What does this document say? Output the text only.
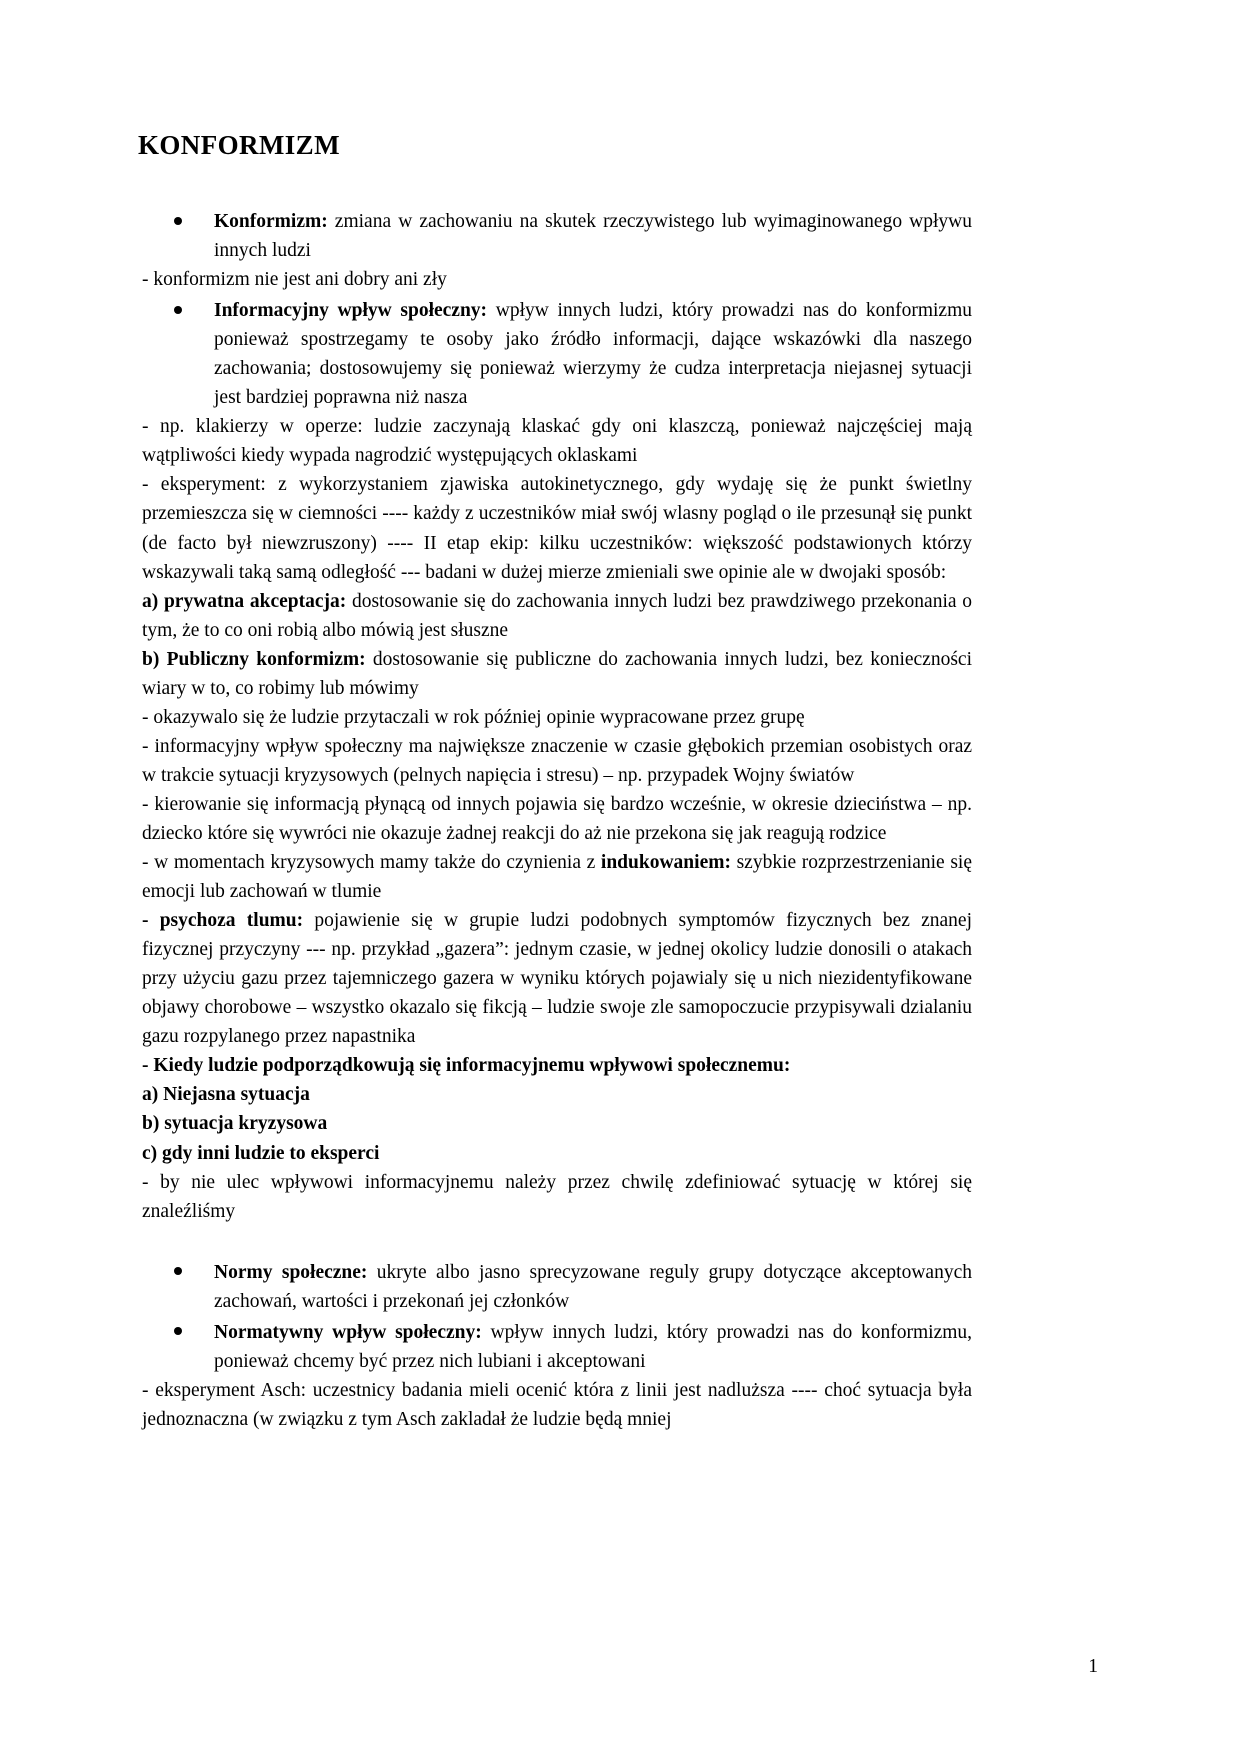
KONFORMIZM

Konformizm: zmiana w zachowaniu na skutek rzeczywistego lub wyimaginowanego wpływu innych ludzi

- konformizm nie jest ani dobry ani zły

Informacyjny wpływ społeczny: wpływ innych ludzi, który prowadzi nas do konformizmu ponieważ spostrzegamy te osoby jako źródło informacji, dające wskazówki dla naszego zachowania; dostosowujemy się ponieważ wierzymy że cudza interpretacja niejasnej sytuacji jest bardziej poprawna niż nasza

- np. klakierzy w operze: ludzie zaczynają klaskać gdy oni klaszczą, ponieważ najczęściej mają wątpliwości kiedy wypada nagrodzić występujących oklaskami

- eksperyment: z wykorzystaniem zjawiska autokinetycznego, gdy wydaję się że punkt świetlny przemieszcza się w ciemności ---- każdy z uczestników miał swój wlasny pogląd o ile przesunął się punkt (de facto był niewzruszony) ---- II etap ekip: kilku uczestników: większość podstawionych którzy wskazywali taką samą odległość --- badani w dużej mierze zmieniali swe opinie ale w dwojaki sposób:

a) prywatna akceptacja: dostosowanie się do zachowania innych ludzi bez prawdziwego przekonania o tym, że to co oni robią albo mówią jest słuszne

b) Publiczny konformizm: dostosowanie się publiczne do zachowania innych ludzi, bez konieczności wiary w to, co robimy lub mówimy

- okazywalo się że ludzie przytaczali w rok później opinie wypracowane przez grupę

- informacyjny wpływ społeczny ma największe znaczenie w czasie głębokich przemian osobistych oraz w trakcie sytuacji kryzysowych (pelnych napięcia i stresu) – np. przypadek Wojny światów

- kierowanie się informacją płynącą od innych pojawia się bardzo wcześnie, w okresie dzieciństwa – np. dziecko które się wywróci nie okazuje żadnej reakcji do aż nie przekona się jak reagują rodzice

- w momentach kryzysowych mamy także do czynienia z indukowaniem: szybkie rozprzestrzenianie się emocji lub zachowań w tlumie

- psychoza tlumu: pojawienie się w grupie ludzi podobnych symptomów fizycznych bez znanej fizycznej przyczyny --- np. przykład „gazera”: jednym czasie, w jednej okolicy ludzie donosili o atakach przy użyciu gazu przez tajemniczego gazera w wyniku których pojawialy się u nich niezidentyfikowane objawy chorobowe – wszystko okazalo się fikcją – ludzie swoje zle samopoczucie przypisywali dzialaniu gazu rozpylanego przez napastnika

- Kiedy ludzie podporządkowują się informacyjnemu wpływowi społecznemu:

a) Niejasna sytuacja

b) sytuacja kryzysowa

c) gdy inni ludzie to eksperci

- by nie ulec wpływowi informacyjnemu należy przez chwilę zdefiniować sytuację w której się znaleźliśmy

Normy społeczne: ukryte albo jasno sprecyzowane reguly grupy dotyczące akceptowanych zachowań, wartości i przekonań jej członków

Normatywny wpływ społeczny: wpływ innych ludzi, który prowadzi nas do konformizmu, ponieważ chcemy być przez nich lubiani i akceptowani

- eksperyment Asch: uczestnicy badania mieli ocenić która z linii jest nadluższa ---- choć sytuacja była jednoznaczna (w związku z tym Asch zakladał że ludzie będą mniej

1
